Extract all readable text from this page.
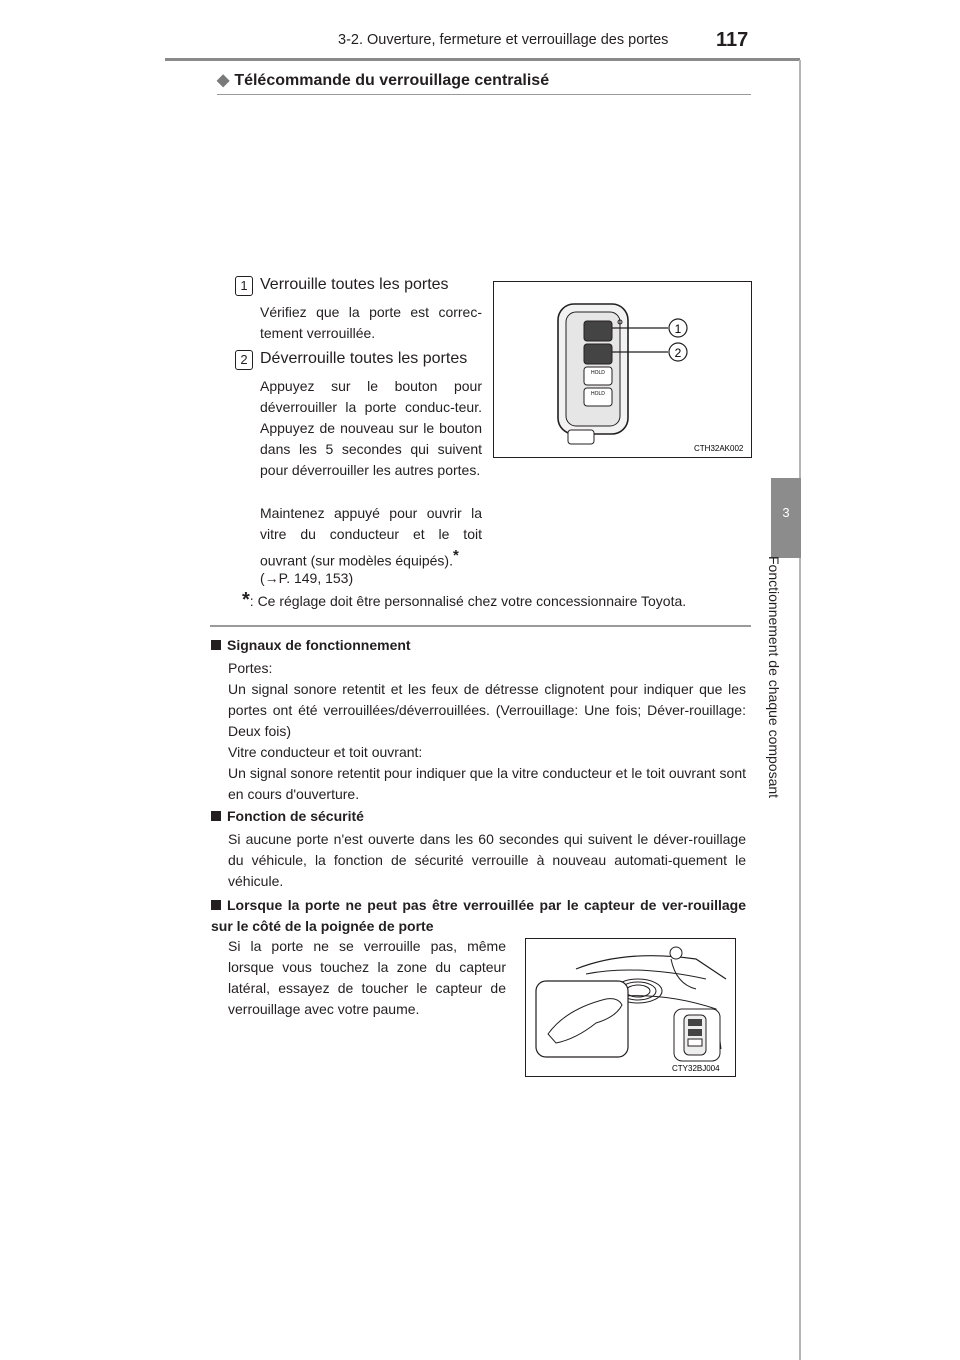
3-2. Ouverture, fermeture et verrouillage des portes 117
3
Fonctionnement de chaque composant
◆ Télécommande du verrouillage centralisé
1 Verrouille toutes les portes
Vérifiez que la porte est correc-tement verrouillée.
2 Déverrouille toutes les portes
Appuyez sur le bouton pour déverrouiller la porte conduc-teur. Appuyez de nouveau sur le bouton dans les 5 secondes qui suivent pour déverrouiller les autres portes.
Maintenez appuyé pour ouvrir la vitre du conducteur et le toit ouvrant (sur modèles équipés).*
(→P. 149, 153)
1
2
HOLD
HOLD
CTH32AK002
*: Ce réglage doit être personnalisé chez votre concessionnaire Toyota.
Signaux de fonctionnement
Portes:
Un signal sonore retentit et les feux de détresse clignotent pour indiquer que les portes ont été verrouillées/déverrouillées. (Verrouillage: Une fois; Déver-rouillage: Deux fois)
Vitre conducteur et toit ouvrant:
Un signal sonore retentit pour indiquer que la vitre conducteur et le toit ouvrant sont en cours d'ouverture.
Fonction de sécurité
Si aucune porte n'est ouverte dans les 60 secondes qui suivent le déver-rouillage du véhicule, la fonction de sécurité verrouille à nouveau automati-quement le véhicule.
Lorsque la porte ne peut pas être verrouillée par le capteur de ver-rouillage sur le côté de la poignée de porte
Si la porte ne se verrouille pas, même lorsque vous touchez la zone du capteur latéral, essayez de toucher le capteur de verrouillage avec votre paume.
CTY32BJ004
